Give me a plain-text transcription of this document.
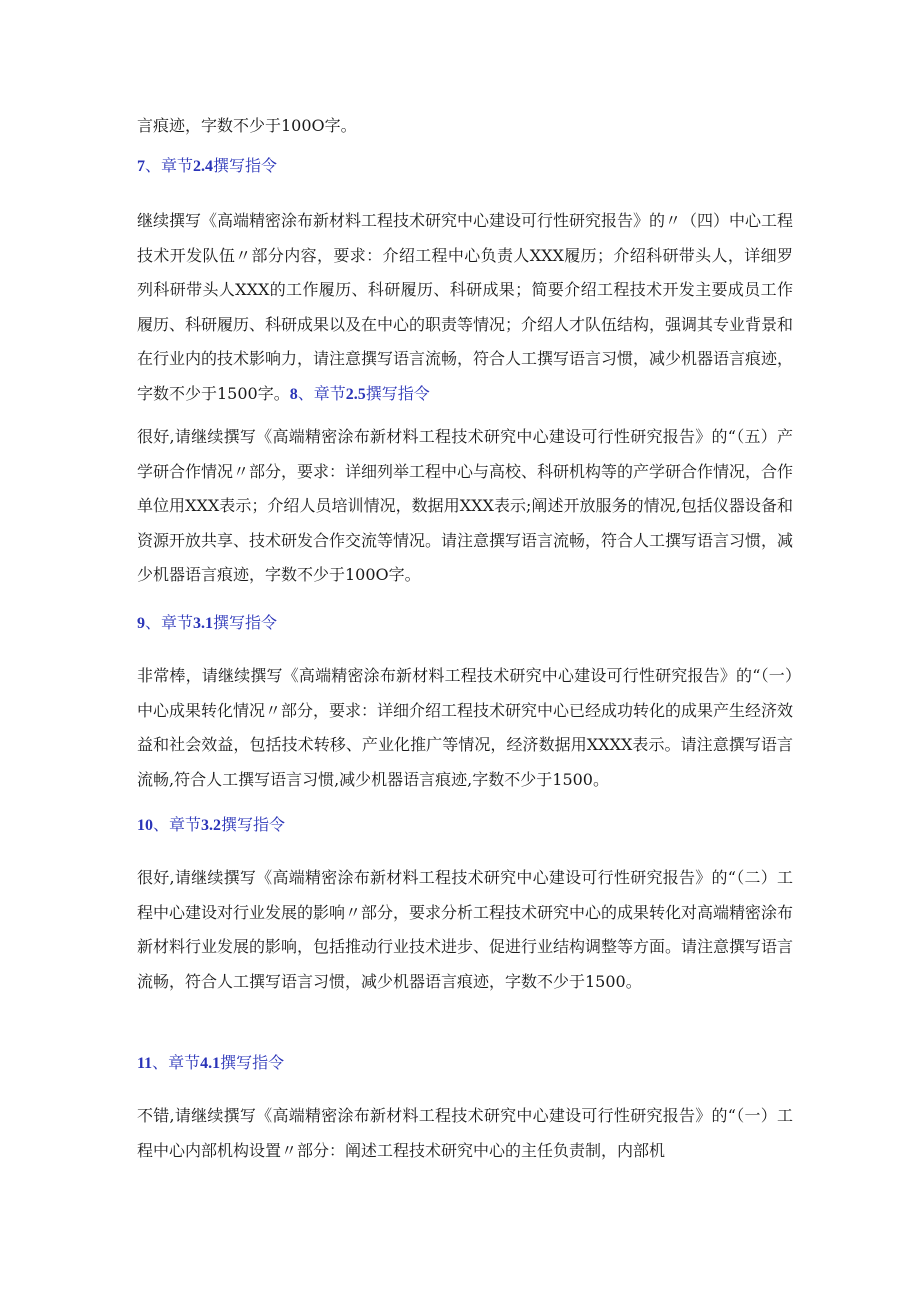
言痕迹，字数不少于100O字。

7、章节2.4撰写指令

继续撰写《高端精密涂布新材料工程技术研究中心建设可行性研究报告》的〃（四）中心工程技术开发队伍〃部分内容，要求：介绍工程中心负责人XXX履历；介绍科研带头人，详细罗列科研带头人XXX的工作履历、科研履历、科研成果；简要介绍工程技术开发主要成员工作履历、科研履历、科研成果以及在中心的职责等情况；介绍人才队伍结构，强调其专业背景和在行业内的技术影响力，请注意撰写语言流畅，符合人工撰写语言习惯，减少机器语言痕迹，字数不少于1500字。8、章节2.5撰写指令

很好,请继续撰写《高端精密涂布新材料工程技术研究中心建设可行性研究报告》的“（五）产学研合作情况〃部分，要求：详细列举工程中心与高校、科研机构等的产学研合作情况，合作单位用XXX表示；介绍人员培训情况，数据用XXX表示;阐述开放服务的情况,包括仪器设备和资源开放共享、技术研发合作交流等情况。请注意撰写语言流畅，符合人工撰写语言习惯，减少机器语言痕迹，字数不少于100O字。

9、章节3.1撰写指令

非常棒，请继续撰写《高端精密涂布新材料工程技术研究中心建设可行性研究报告》的“（一）中心成果转化情况〃部分，要求：详细介绍工程技术研究中心已经成功转化的成果产生经济效益和社会效益，包括技术转移、产业化推广等情况，经济数据用XXXX表示。请注意撰写语言流畅,符合人工撰写语言习惯,减少机器语言痕迹,字数不少于1500。

10、章节3.2撰写指令

很好,请继续撰写《高端精密涂布新材料工程技术研究中心建设可行性研究报告》的“（二）工程中心建设对行业发展的影响〃部分，要求分析工程技术研究中心的成果转化对高端精密涂布新材料行业发展的影响，包括推动行业技术进步、促进行业结构调整等方面。请注意撰写语言流畅，符合人工撰写语言习惯，减少机器语言痕迹，字数不少于1500。

11、章节4.1撰写指令

不错,请继续撰写《高端精密涂布新材料工程技术研究中心建设可行性研究报告》的“（一）工程中心内部机构设置〃部分：阐述工程技术研究中心的主任负责制，内部机
